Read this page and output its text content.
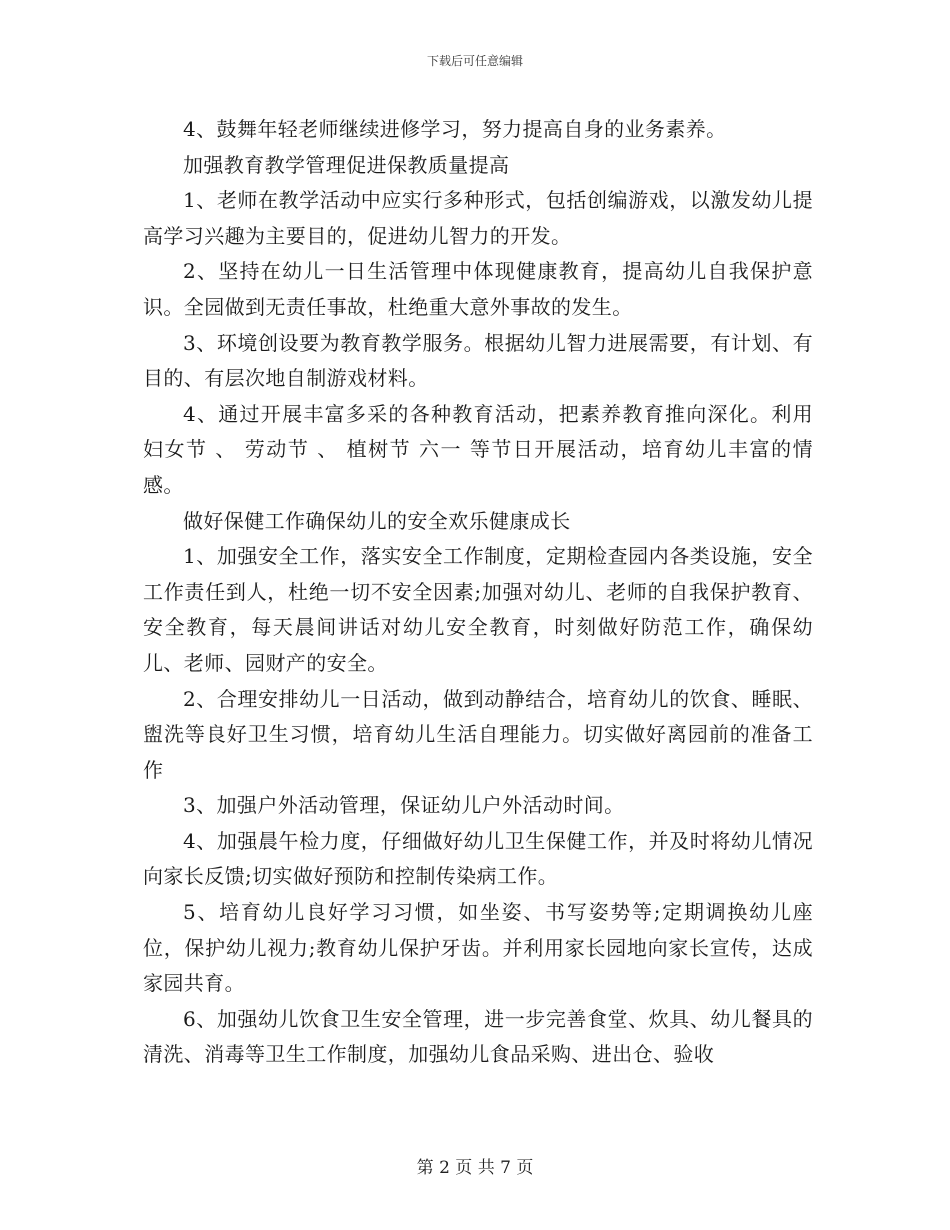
下载后可任意编辑

4、鼓舞年轻老师继续进修学习，努力提高自身的业务素养。

加强教育教学管理促进保教质量提高

1、老师在教学活动中应实行多种形式，包括创编游戏，以激发幼儿提高学习兴趣为主要目的，促进幼儿智力的开发。

2、坚持在幼儿一日生活管理中体现健康教育，提高幼儿自我保护意识。全园做到无责任事故，杜绝重大意外事故的发生。

3、环境创设要为教育教学服务。根据幼儿智力进展需要，有计划、有目的、有层次地自制游戏材料。

4、通过开展丰富多采的各种教育活动，把素养教育推向深化。利用 妇女节 、 劳动节 、 植树节 六一 等节日开展活动，培育幼儿丰富的情感。

做好保健工作确保幼儿的安全欢乐健康成长

1、加强安全工作，落实安全工作制度，定期检查园内各类设施，安全工作责任到人，杜绝一切不安全因素;加强对幼儿、老师的自我保护教育、安全教育，每天晨间讲话对幼儿安全教育，时刻做好防范工作，确保幼儿、老师、园财产的安全。

2、合理安排幼儿一日活动，做到动静结合，培育幼儿的饮食、睡眠、盥洗等良好卫生习惯，培育幼儿生活自理能力。切实做好离园前的准备工作

3、加强户外活动管理，保证幼儿户外活动时间。

4、加强晨午检力度，仔细做好幼儿卫生保健工作，并及时将幼儿情况向家长反馈;切实做好预防和控制传染病工作。

5、培育幼儿良好学习习惯，如坐姿、书写姿势等;定期调换幼儿座位，保护幼儿视力;教育幼儿保护牙齿。并利用家长园地向家长宣传，达成家园共育。

6、加强幼儿饮食卫生安全管理，进一步完善食堂、炊具、幼儿餐具的清洗、消毒等卫生工作制度，加强幼儿食品采购、进出仓、验收

第 2 页 共 7 页
